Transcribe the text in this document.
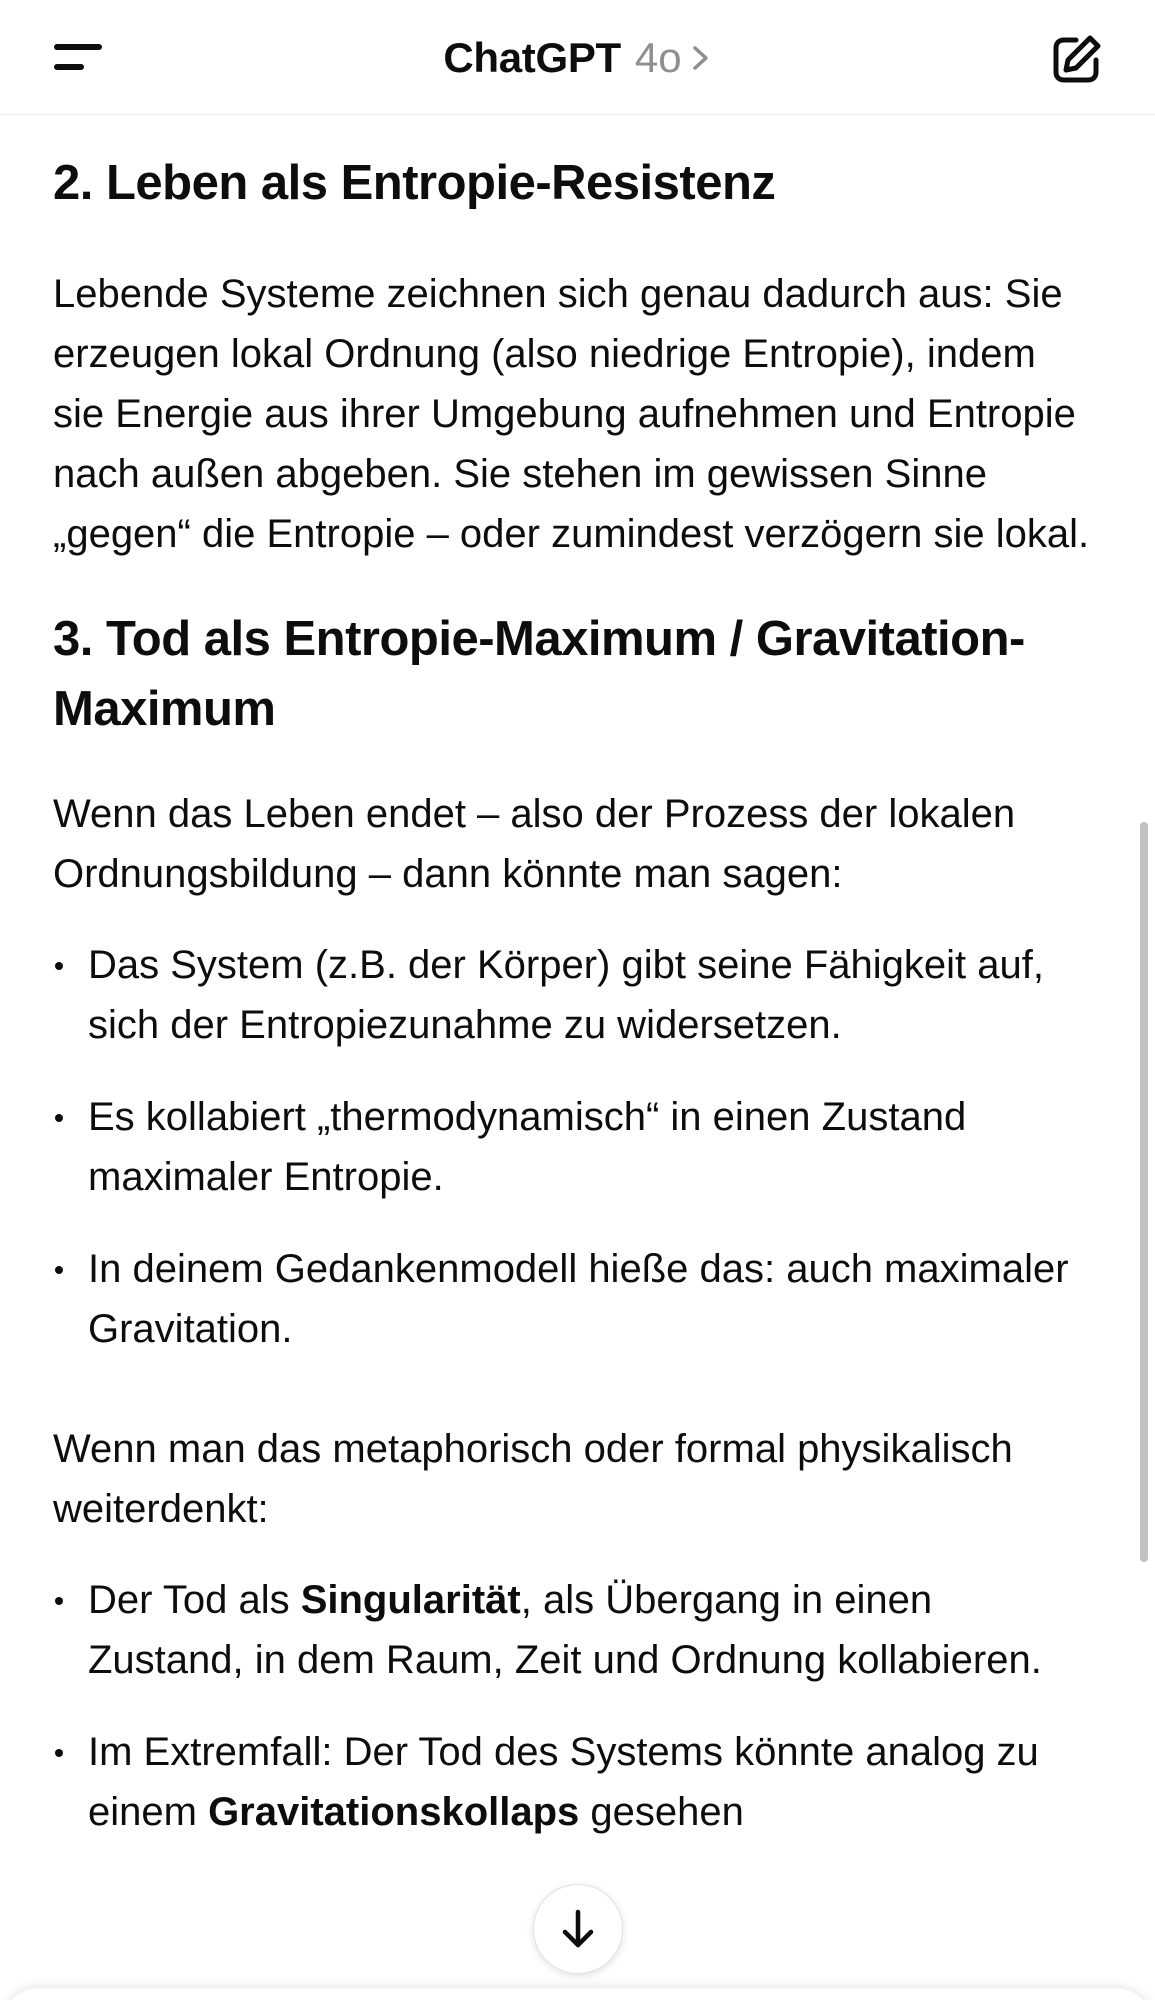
ChatGPT 4o
2. Leben als Entropie-Resistenz

Lebende Systeme zeichnen sich genau dadurch aus: Sie erzeugen lokal Ordnung (also niedrige Entropie), indem sie Energie aus ihrer Umgebung aufnehmen und Entropie nach außen abgeben. Sie stehen im gewissen Sinne „gegen“ die Entropie – oder zumindest verzögern sie lokal.

3. Tod als Entropie-Maximum / Gravitation-Maximum

Wenn das Leben endet – also der Prozess der lokalen Ordnungsbildung – dann könnte man sagen:

Das System (z.B. der Körper) gibt seine Fähigkeit auf, sich der Entropiezunahme zu widersetzen.
Es kollabiert „thermodynamisch“ in einen Zustand maximaler Entropie.
In deinem Gedankenmodell hieße das: auch maximaler Gravitation.

Wenn man das metaphorisch oder formal physikalisch weiterdenkt:

Der Tod als Singularität, als Übergang in einen Zustand, in dem Raum, Zeit und Ordnung kollabieren.
Im Extremfall: Der Tod des Systems könnte analog zu einem Gravitationskollaps gesehen
